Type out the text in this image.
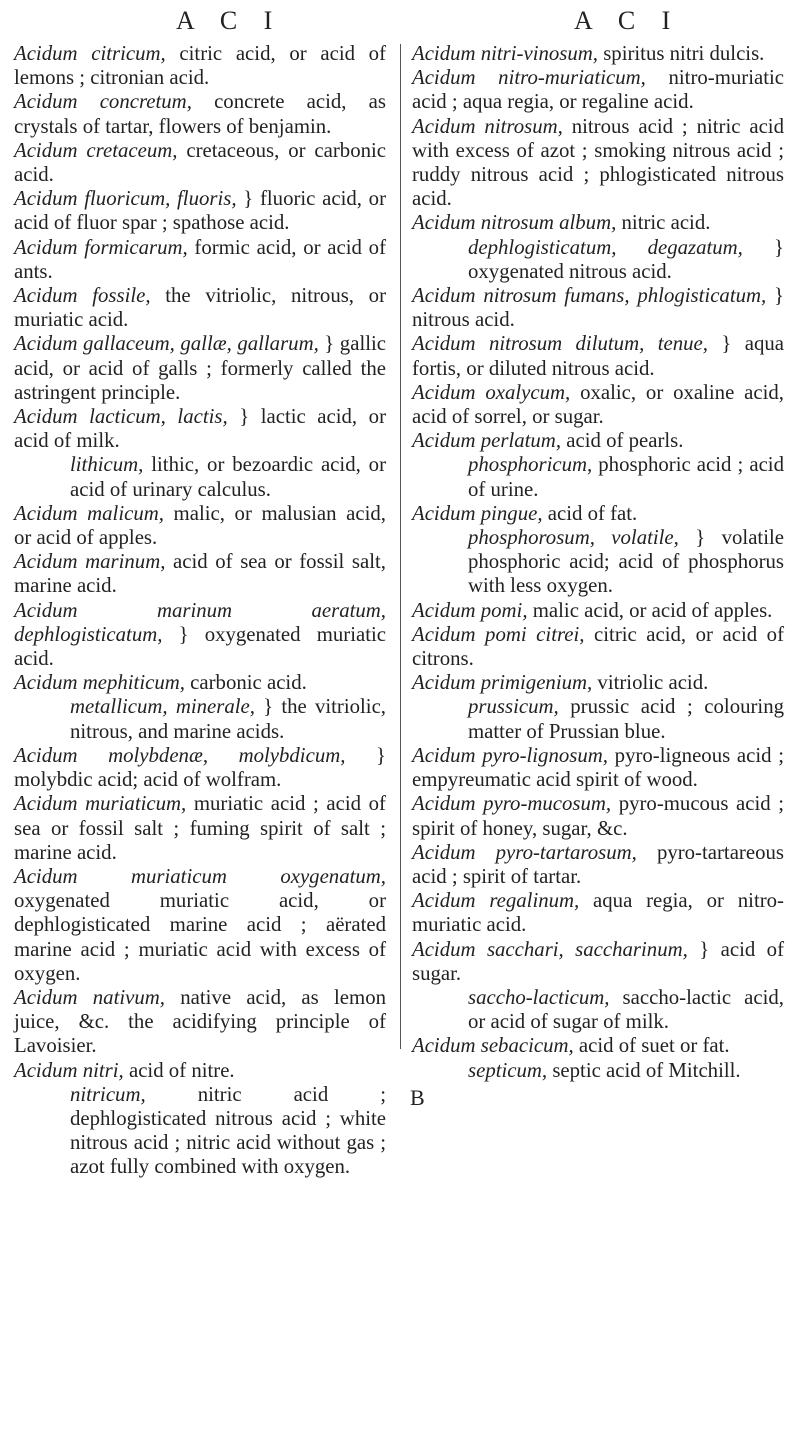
A C I	A C I

Acidum citricum, citric acid, or acid of lemons ; citronian acid.

Acidum concretum, concrete acid, as crystals of tartar, flowers of benjamin.

Acidum cretaceum, cretaceous, or carbonic acid.

Acidum fluoricum, fluoris, } fluoric acid, or acid of fluor spar ; spathose acid.

Acidum formicarum, formic acid, or acid of ants.

Acidum fossile, the vitriolic, nitrous, or muriatic acid.

Acidum gallaceum, gallæ, gallarum, } gallic acid, or acid of galls ; formerly called the astringent principle.

Acidum lacticum, lactis, } lactic acid, or acid of milk.

lithicum, lithic, or bezoardic acid, or acid of urinary calculus.

Acidum malicum, malic, or malusian acid, or acid of apples.

Acidum marinum, acid of sea or fossil salt, marine acid.

Acidum marinum aeratum, dephlogisticatum, } oxygenated muriatic acid.

Acidum mephiticum, carbonic acid.

metallicum, minerale, } the vitriolic, nitrous, and marine acids.

Acidum molybdenæ, molybdicum, } molybdic acid; acid of wolfram.

Acidum muriaticum, muriatic acid ; acid of sea or fossil salt ; fuming spirit of salt ; marine acid.

Acidum muriaticum oxygenatum, oxygenated muriatic acid, or dephlogisticated marine acid ; aërated marine acid ; muriatic acid with excess of oxygen.

Acidum nativum, native acid, as lemon juice, &c. the acidifying principle of Lavoisier.

Acidum nitri, acid of nitre.

nitricum, nitric acid ; dephlogisticated nitrous acid ; white nitrous acid ; nitric acid without gas ; azot fully combined with oxygen.

Acidum nitri-vinosum, spiritus nitri dulcis.

Acidum nitro-muriaticum, nitro-muriatic acid ; aqua regia, or regaline acid.

Acidum nitrosum, nitrous acid ; nitric acid with excess of azot ; smoking nitrous acid ; ruddy nitrous acid ; phlogisticated nitrous acid.

Acidum nitrosum album, nitric acid.

dephlogisticatum, degazatum, } oxygenated nitrous acid.

Acidum nitrosum fumans, phlogisticatum, } nitrous acid.

Acidum nitrosum dilutum, tenue, } aqua fortis, or diluted nitrous acid.

Acidum oxalycum, oxalic, or oxaline acid, acid of sorrel, or sugar.

Acidum perlatum, acid of pearls.

phosphoricum, phosphoric acid ; acid of urine.

Acidum pingue, acid of fat.

phosphorosum, volatile, } volatile phosphoric acid; acid of phosphorus with less oxygen.

Acidum pomi, malic acid, or acid of apples.

Acidum pomi citrei, citric acid, or acid of citrons.

Acidum primigenium, vitriolic acid.

prussicum, prussic acid ; colouring matter of Prussian blue.

Acidum pyro-lignosum, pyro-ligneous acid ; empyreumatic acid spirit of wood.

Acidum pyro-mucosum, pyro-mucous acid ; spirit of honey, sugar, &c.

Acidum pyro-tartarosum, pyro-tartareous acid ; spirit of tartar.

Acidum regalinum, aqua regia, or nitro-muriatic acid.

Acidum sacchari, saccharinum, } acid of sugar.

saccho-lacticum, saccho-lactic acid, or acid of sugar of milk.

Acidum sebacicum, acid of suet or fat.

septicum, septic acid of Mitchill.

B
